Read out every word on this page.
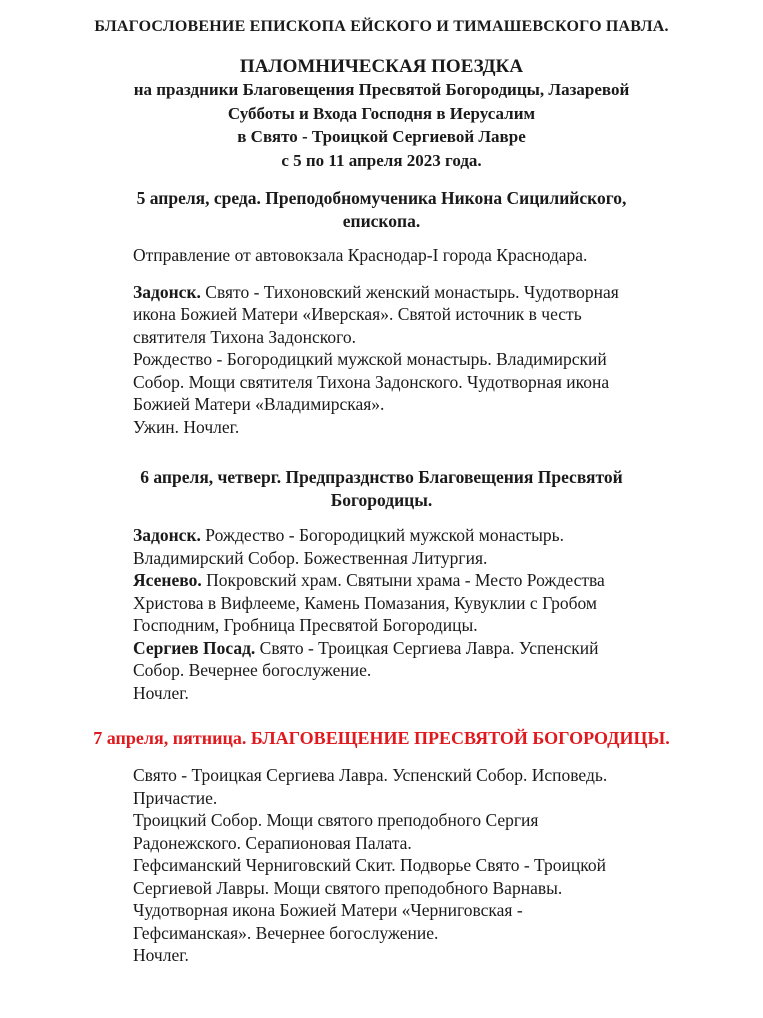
БЛАГОСЛОВЕНИЕ ЕПИСКОПА ЕЙСКОГО И ТИМАШЕВСКОГО ПАВЛА.
ПАЛОМНИЧЕСКАЯ ПОЕЗДКА
на праздники Благовещения Пресвятой Богородицы, Лазаревой
Субботы и Входа Господня в Иерусалим
в Свято - Троицкой Сергиевой Лавре
с 5 по 11 апреля 2023 года.
5 апреля, среда. Преподобномученика Никона Сицилийского,
епископа.

Отправление от автовокзала Краснодар-I города Краснодара.

Задонск. Свято - Тихоновский женский монастырь. Чудотворная

икона Божией Матери «Иверская». Святой источник в честь

святителя Тихона Задонского.

Рождество - Богородицкий мужской монастырь. Владимирский

Собор. Мощи святителя Тихона Задонского. Чудотворная икона

Божией Матери «Владимирская».

Ужин. Ночлег.

6 апреля, четверг. Предпразднство Благовещения Пресвятой
Богородицы.

Задонск. Рождество - Богородицкий мужской монастырь.

Владимирский Собор. Божественная Литургия.

Ясенево. Покровский храм. Святыни храма - Место Рождества

Христова в Вифлееме, Камень Помазания, Кувуклии с Гробом

Господним, Гробница Пресвятой Богородицы.

Сергиев Посад. Свято - Троицкая Сергиева Лавра. Успенский

Собор. Вечернее богослужение.

Ночлег.

7 апреля, пятница. БЛАГОВЕЩЕНИЕ ПРЕСВЯТОЙ БОГОРОДИЦЫ.

Свято - Троицкая Сергиева Лавра. Успенский Собор. Исповедь.

Причастие.

Троицкий Собор. Мощи святого преподобного Сергия

Радонежского. Серапионовая Палата.

Гефсиманский Черниговский Скит. Подворье Свято - Троицкой

Сергиевой Лавры. Мощи святого преподобного Варнавы.

Чудотворная икона Божией Матери «Черниговская -

Гефсиманская». Вечернее богослужение.

Ночлег.
